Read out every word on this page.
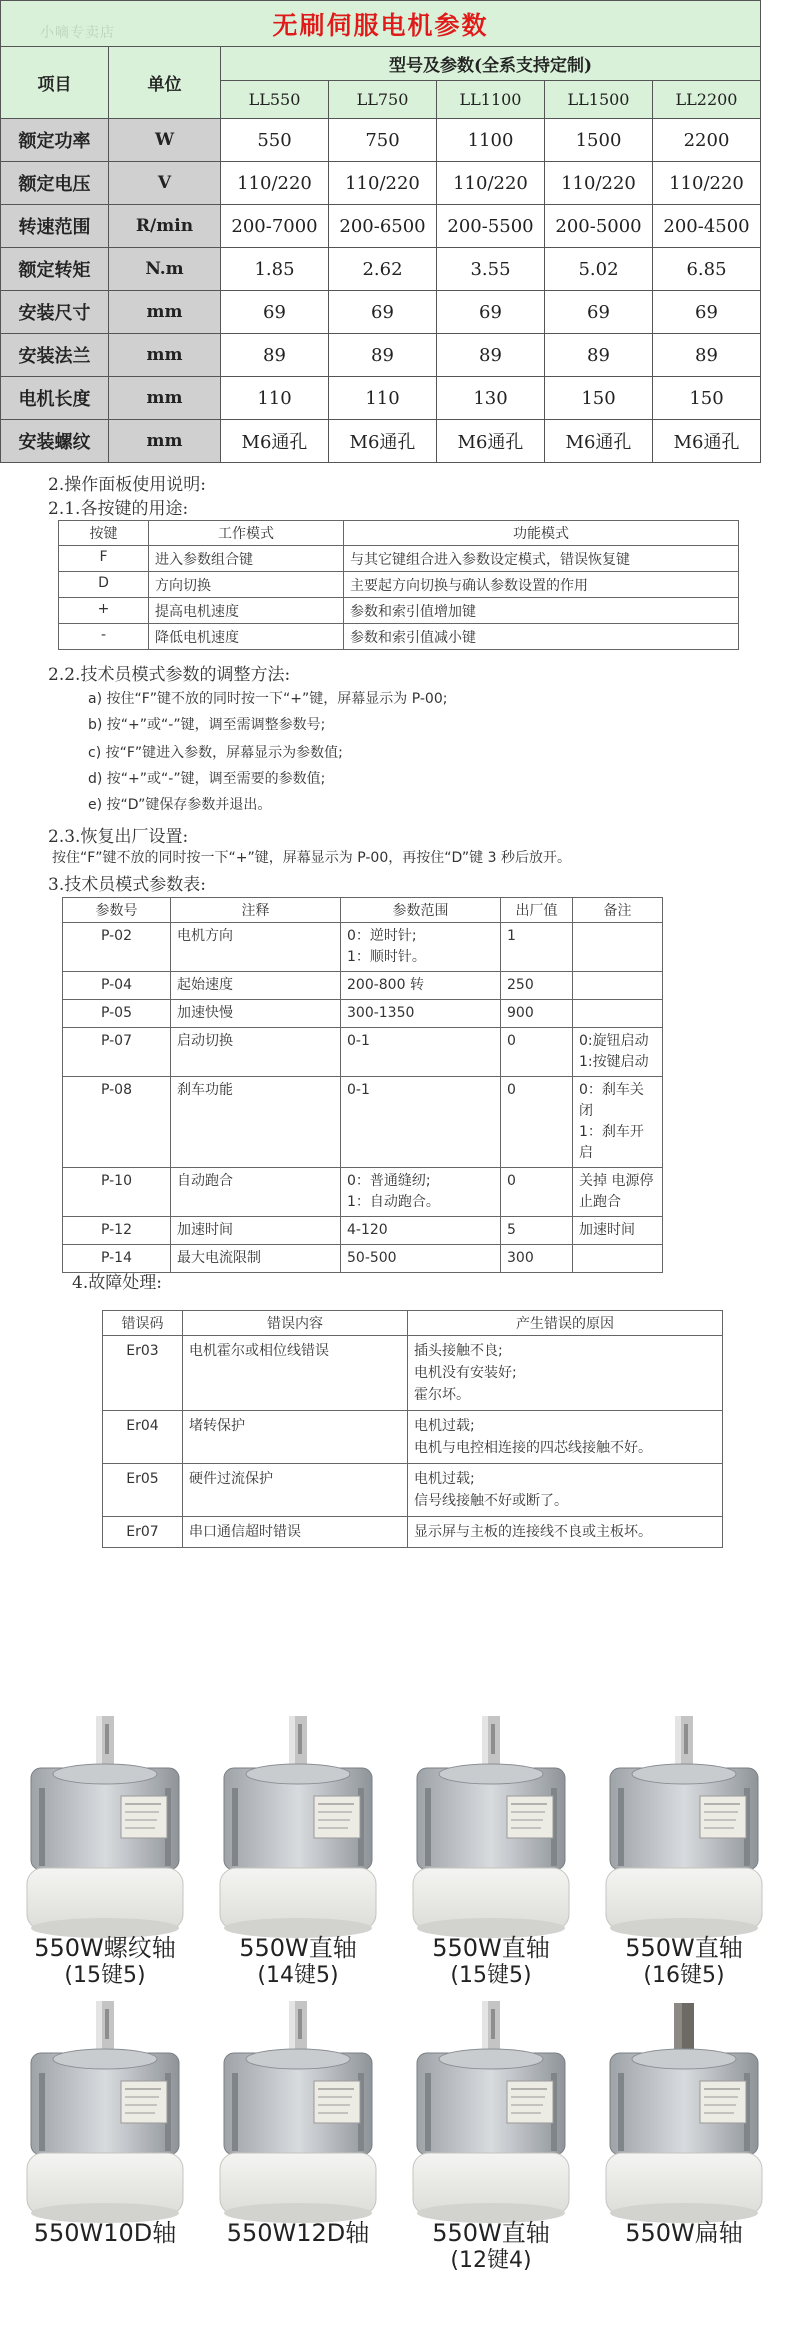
无刷伺服电机参数						
项目	单位	型号及参数(全系支持定制)				
		LL550	LL750	LL1100	LL1500	LL2200
额定功率	W	550	750	1100	1500	2200
额定电压	V	110/220	110/220	110/220	110/220	110/220
转速范围	R/min	200-7000	200-6500	200-5500	200-5000	200-4500
额定转矩	N.m	1.85	2.62	3.55	5.02	6.85
安装尺寸	mm	69	69	69	69	69
安装法兰	mm	89	89	89	89	89
电机长度	mm	110	110	130	150	150
安装螺纹	mm	M6通孔	M6通孔	M6通孔	M6通孔	M6通孔
小嘀专卖店
2.操作面板使用说明:
2.1.各按键的用途:
按键	工作模式	功能模式
F	进入参数组合键	与其它键组合进入参数设定模式，错误恢复键
D	方向切换	主要起方向切换与确认参数设置的作用
+	提高电机速度	参数和索引值增加键
-	降低电机速度	参数和索引值减小键
2.2.技术员模式参数的调整方法:
a) 按住“F”键不放的同时按一下“+”键，屏幕显示为 P-00;
b) 按“+”或“-”键，调至需调整参数号;
c) 按“F”键进入参数，屏幕显示为参数值;
d) 按“+”或“-”键，调至需要的参数值;
e) 按“D”键保存参数并退出。
2.3.恢复出厂设置:
按住“F”键不放的同时按一下“+”键，屏幕显示为 P-00，再按住“D”键 3 秒后放开。
3.技术员模式参数表:
参数号	注释	参数范围	出厂值	备注
P-02	电机方向	0：逆时针;
1：顺时针。	1	
P-04	起始速度	200-800 转	250	
P-05	加速快慢	300-1350	900	
P-07	启动切换	0-1	0	0:旋钮启动
1:按键启动
P-08	刹车功能	0-1	0	0：刹车关闭
1：刹车开启
P-10	自动跑合	0：普通缝纫;
1：自动跑合。	0	关掉 电源停
止跑合
P-12	加速时间	4-120	5	加速时间
P-14	最大电流限制	50-500	300	
4.故障处理:
错误码	错误内容	产生错误的原因
Er03	电机霍尔或相位线错误	插头接触不良;
电机没有安装好;
霍尔坏。
Er04	堵转保护	电机过载;
电机与电控相连接的四芯线接触不好。
Er05	硬件过流保护	电机过载;
信号线接触不好或断了。
Er07	串口通信超时错误	显示屏与主板的连接线不良或主板坏。
550W螺纹轴
(15键5)
550W直轴
(14键5)
550W直轴
(15键5)
550W直轴
(16键5)
550W10D轴	550W12D轴	550W直轴
(12键4)
550W扁轴
